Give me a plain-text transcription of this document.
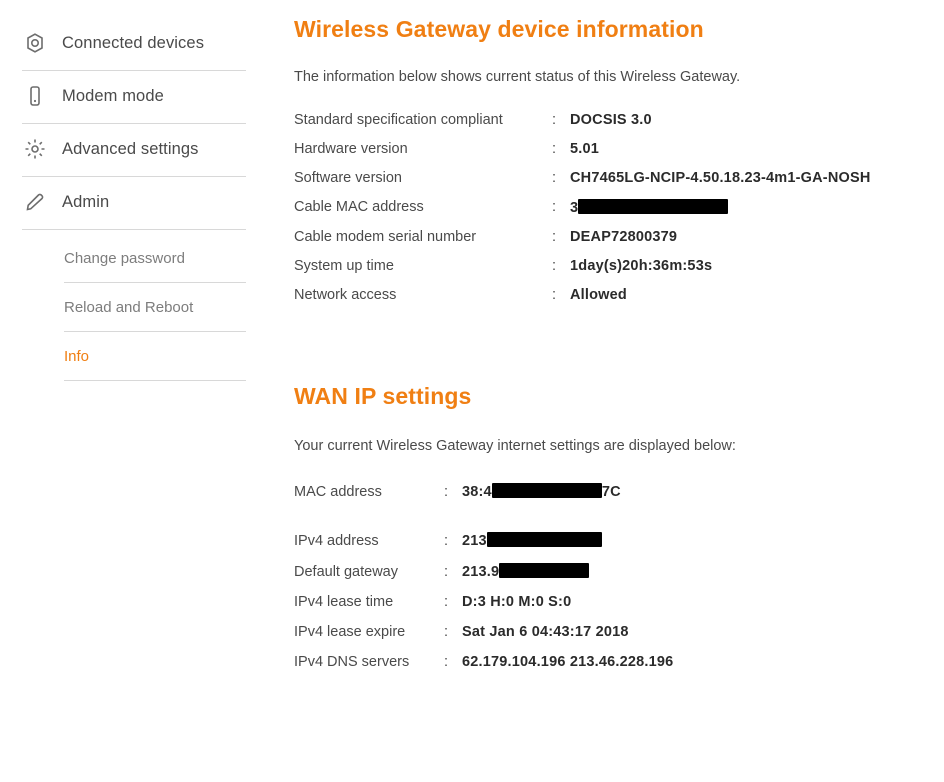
Connected devices
Modem mode
Advanced settings
Admin
Change password
Reload and Reboot
Info
Wireless Gateway device information

The information below shows current status of this Wireless Gateway.

Standard specification compliant	:	DOCSIS 3.0
Hardware version	:	5.01
Software version	:	CH7465LG-NCIP-4.50.18.23-4m1-GA-NOSH
Cable MAC address	:	3
Cable modem serial number	:	DEAP72800379
System up time	:	1day(s)20h:36m:53s
Network access	:	Allowed
WAN IP settings

Your current Wireless Gateway internet settings are displayed below:

MAC address	:	38:4 7C

IPv4 address	:	213
Default gateway	:	213.9
IPv4 lease time	:	D:3 H:0 M:0 S:0
IPv4 lease expire	:	Sat Jan 6 04:43:17 2018
IPv4 DNS servers	:	62.179.104.196 213.46.228.196
